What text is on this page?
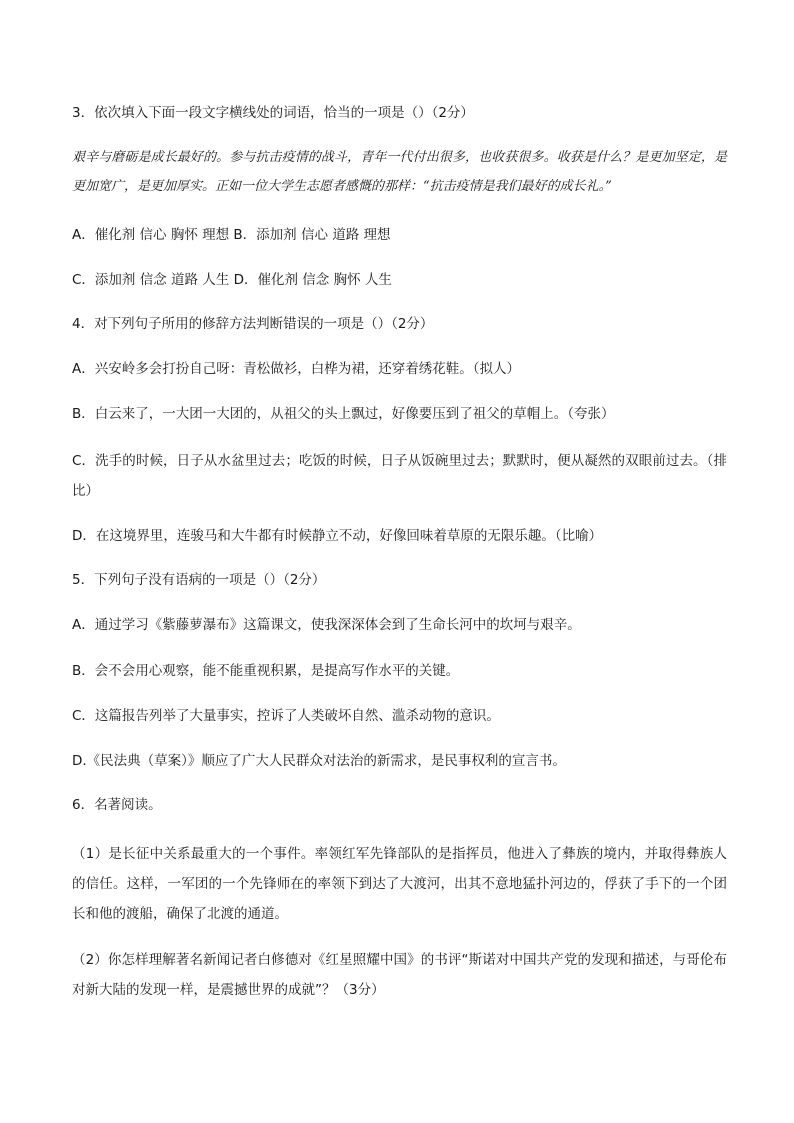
3．依次填入下面一段文字横线处的词语，恰当的一项是（）（2分）
艰辛与磨砺是成长最好的。参与抗击疫情的战斗，青年一代付出很多，也收获很多。收获是什么？是更加坚定，是更加宽广，是更加厚实。正如一位大学生志愿者感慨的那样：“抗击疫情是我们最好的成长礼。”
A．催化剂 信心 胸怀 理想 B．添加剂 信心 道路 理想
C．添加剂 信念 道路 人生 D．催化剂 信念 胸怀 人生
4．对下列句子所用的修辞方法判断错误的一项是（）（2分）
A．兴安岭多会打扮自己呀：青松做衫，白桦为裙，还穿着绣花鞋。（拟人）
B．白云来了，一大团一大团的，从祖父的头上飘过，好像要压到了祖父的草帽上。（夸张）
C．洗手的时候，日子从水盆里过去；吃饭的时候，日子从饭碗里过去；默默时，便从凝然的双眼前过去。（排比）
D．在这境界里，连骏马和大牛都有时候静立不动，好像回味着草原的无限乐趣。（比喻）
5．下列句子没有语病的一项是（）（2分）
A．通过学习《紫藤萝瀑布》这篇课文，使我深深体会到了生命长河中的坎坷与艰辛。
B．会不会用心观察，能不能重视积累，是提高写作水平的关键。
C．这篇报告列举了大量事实，控诉了人类破坏自然、滥杀动物的意识。
D.《民法典（草案）》顺应了广大人民群众对法治的新需求，是民事权利的宣言书。
6．名著阅读。
（1）是长征中关系最重大的一个事件。率领红军先锋部队的是指挥员，他进入了彝族的境内，并取得彝族人的信任。这样，一军团的一个先锋师在的率领下到达了大渡河，出其不意地猛扑河边的，俘获了手下的一个团长和他的渡船，确保了北渡的通道。
（2）你怎样理解著名新闻记者白修德对《红星照耀中国》的书评“斯诺对中国共产党的发现和描述，与哥伦布对新大陆的发现一样，是震撼世界的成就”？（3分）
